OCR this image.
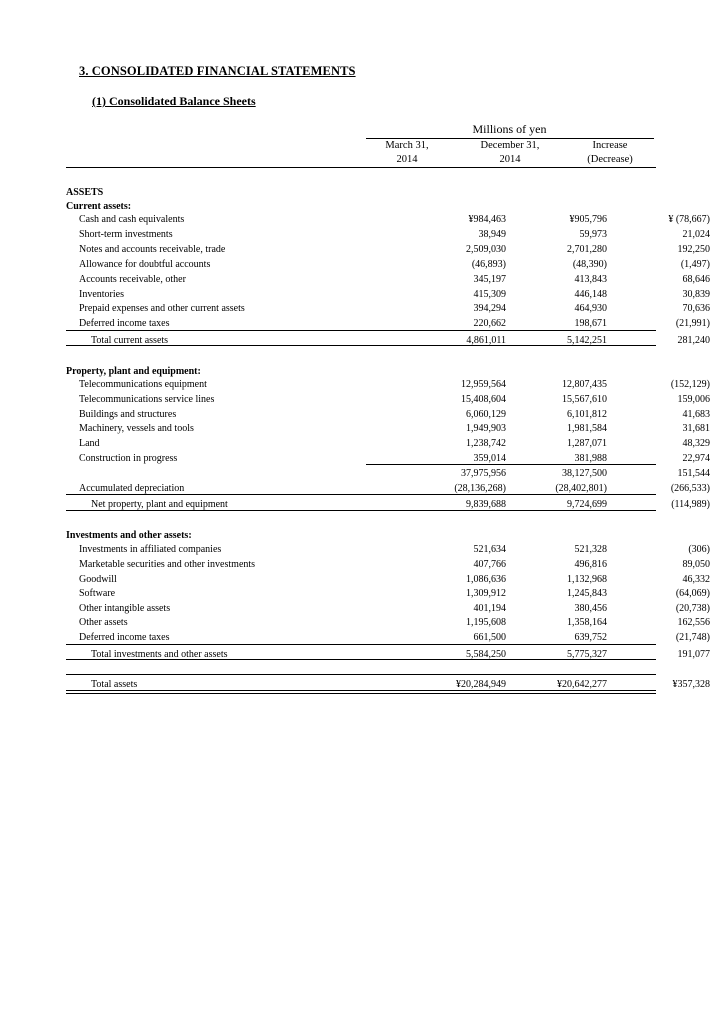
3. CONSOLIDATED FINANCIAL STATEMENTS
(1) Consolidated Balance Sheets
Millions of yen
March 31,
2014
December 31,
2014
Increase
(Decrease)
ASSETS
Current assets:
Cash and cash equivalents	¥984,463	¥905,796	¥ (78,667)
Short-term investments	38,949	59,973	21,024
Notes and accounts receivable, trade	2,509,030	2,701,280	192,250
Allowance for doubtful accounts	(46,893)	(48,390)	(1,497)
Accounts receivable, other	345,197	413,843	68,646
Inventories	415,309	446,148	30,839
Prepaid expenses and other current assets	394,294	464,930	70,636
Deferred income taxes	220,662	198,671	(21,991)
Total current assets	4,861,011	5,142,251	281,240
Property, plant and equipment:
Telecommunications equipment	12,959,564	12,807,435	(152,129)
Telecommunications service lines	15,408,604	15,567,610	159,006
Buildings and structures	6,060,129	6,101,812	41,683
Machinery, vessels and tools	1,949,903	1,981,584	31,681
Land	1,238,742	1,287,071	48,329
Construction in progress	359,014	381,988	22,974
37,975,956	38,127,500	151,544
Accumulated depreciation	(28,136,268)	(28,402,801)	(266,533)
Net property, plant and equipment	9,839,688	9,724,699	(114,989)
Investments and other assets:
Investments in affiliated companies	521,634	521,328	(306)
Marketable securities and other investments	407,766	496,816	89,050
Goodwill	1,086,636	1,132,968	46,332
Software	1,309,912	1,245,843	(64,069)
Other intangible assets	401,194	380,456	(20,738)
Other assets	1,195,608	1,358,164	162,556
Deferred income taxes	661,500	639,752	(21,748)
Total investments and other assets	5,584,250	5,775,327	191,077
Total assets	¥20,284,949	¥20,642,277	¥357,328
